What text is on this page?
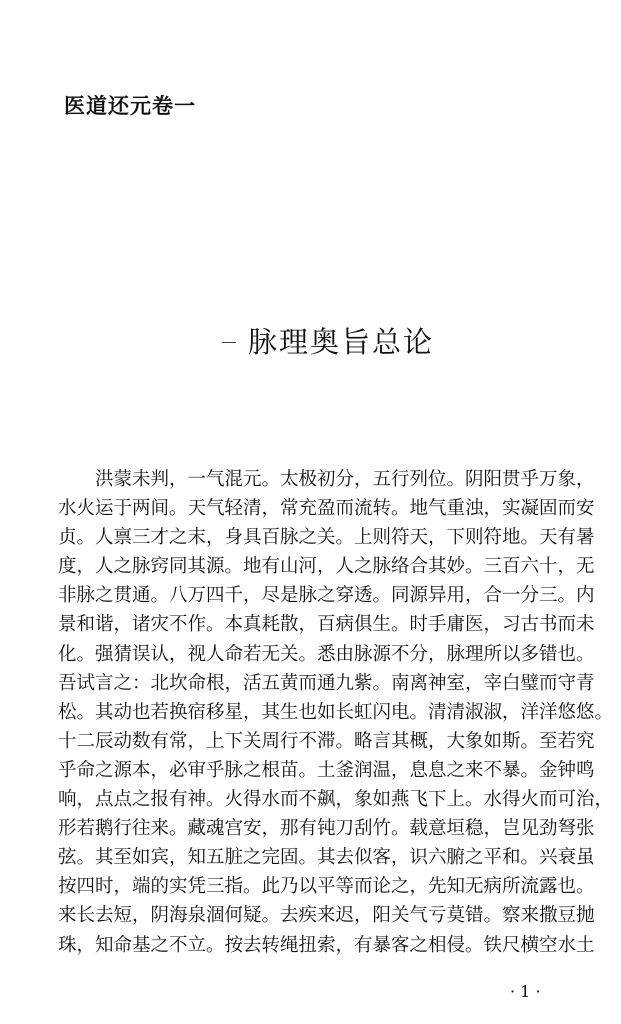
医道还元卷一
脉理奥旨总论
洪蒙未判，一气混元。太极初分，五行列位。阴阳贯乎万象，
水火运于两间。天气轻清，常充盈而流转。地气重浊，实凝固而安
贞。人禀三才之末，身具百脉之关。上则符天，下则符地。天有暑
度，人之脉窍同其源。地有山河，人之脉络合其妙。三百六十，无
非脉之贯通。八万四千，尽是脉之穿透。同源异用，合一分三。内
景和谐，诸灾不作。本真耗散，百病俱生。时手庸医，习古书而未
化。强猜误认，视人命若无关。悉由脉源不分，脉理所以多错也。
吾试言之：北坎命根，活五黄而通九紫。南离神室，宰白璧而守青
松。其动也若换宿移星，其生也如长虹闪电。清清淑淑，洋洋悠悠。
十二辰动数有常，上下关周行不滞。略言其概，大象如斯。至若究
乎命之源本，必审乎脉之根苗。土釜润温，息息之来不暴。金钟鸣
响，点点之报有神。火得水而不飙，象如燕飞下上。水得火而可治，
形若鹅行往来。藏魂宫安，那有钝刀刮竹。载意垣稳，岂见劲弩张
弦。其至如宾，知五脏之完固。其去似客，识六腑之平和。兴衰虽
按四时，端的实凭三指。此乃以平等而论之，先知无病所流露也。
来长去短，阴海泉涸何疑。去疾来迟，阳关气亏莫错。察来撒豆抛
珠，知命基之不立。按去转绳扭索，有暴客之相侵。铁尺横空水土
· 1 ·
